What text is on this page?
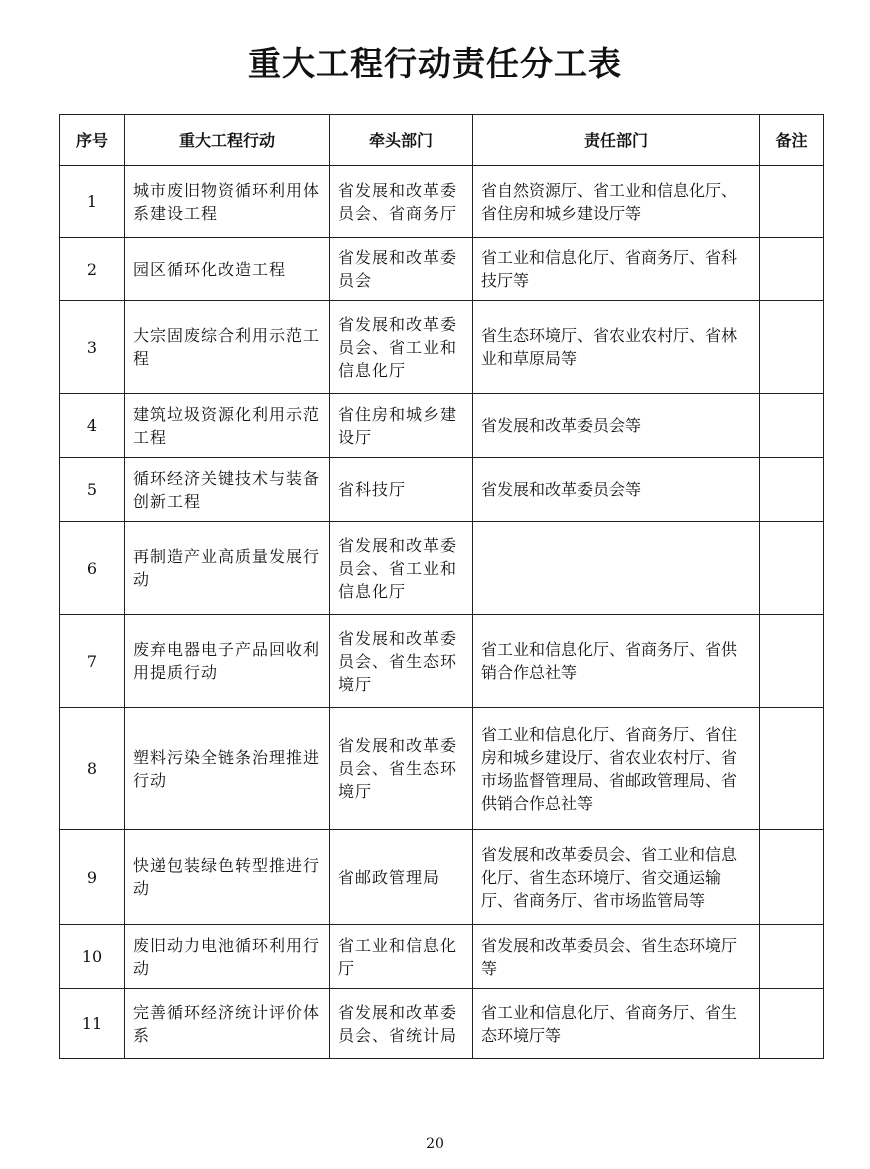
重大工程行动责任分工表
序号	重大工程行动	牵头部门	责任部门	备注
1	城市废旧物资循环利用体系建设工程	省发展和改革委员会、省商务厅	省自然资源厅、省工业和信息化厅、省住房和城乡建设厅等	
2	园区循环化改造工程	省发展和改革委员会	省工业和信息化厅、省商务厅、省科技厅等	
3	大宗固废综合利用示范工程	省发展和改革委员会、省工业和信息化厅	省生态环境厅、省农业农村厅、省林业和草原局等	
4	建筑垃圾资源化利用示范工程	省住房和城乡建设厅	省发展和改革委员会等	
5	循环经济关键技术与装备创新工程	省科技厅	省发展和改革委员会等	
6	再制造产业高质量发展行动	省发展和改革委员会、省工业和信息化厅		
7	废弃电器电子产品回收利用提质行动	省发展和改革委员会、省生态环境厅	省工业和信息化厅、省商务厅、省供销合作总社等	
8	塑料污染全链条治理推进行动	省发展和改革委员会、省生态环境厅	省工业和信息化厅、省商务厅、省住房和城乡建设厅、省农业农村厅、省市场监督管理局、省邮政管理局、省供销合作总社等	
9	快递包装绿色转型推进行动	省邮政管理局	省发展和改革委员会、省工业和信息化厅、省生态环境厅、省交通运输厅、省商务厅、省市场监管局等	
10	废旧动力电池循环利用行动	省工业和信息化厅	省发展和改革委员会、省生态环境厅等	
11	完善循环经济统计评价体系	省发展和改革委员会、省统计局	省工业和信息化厅、省商务厅、省生态环境厅等	
20
